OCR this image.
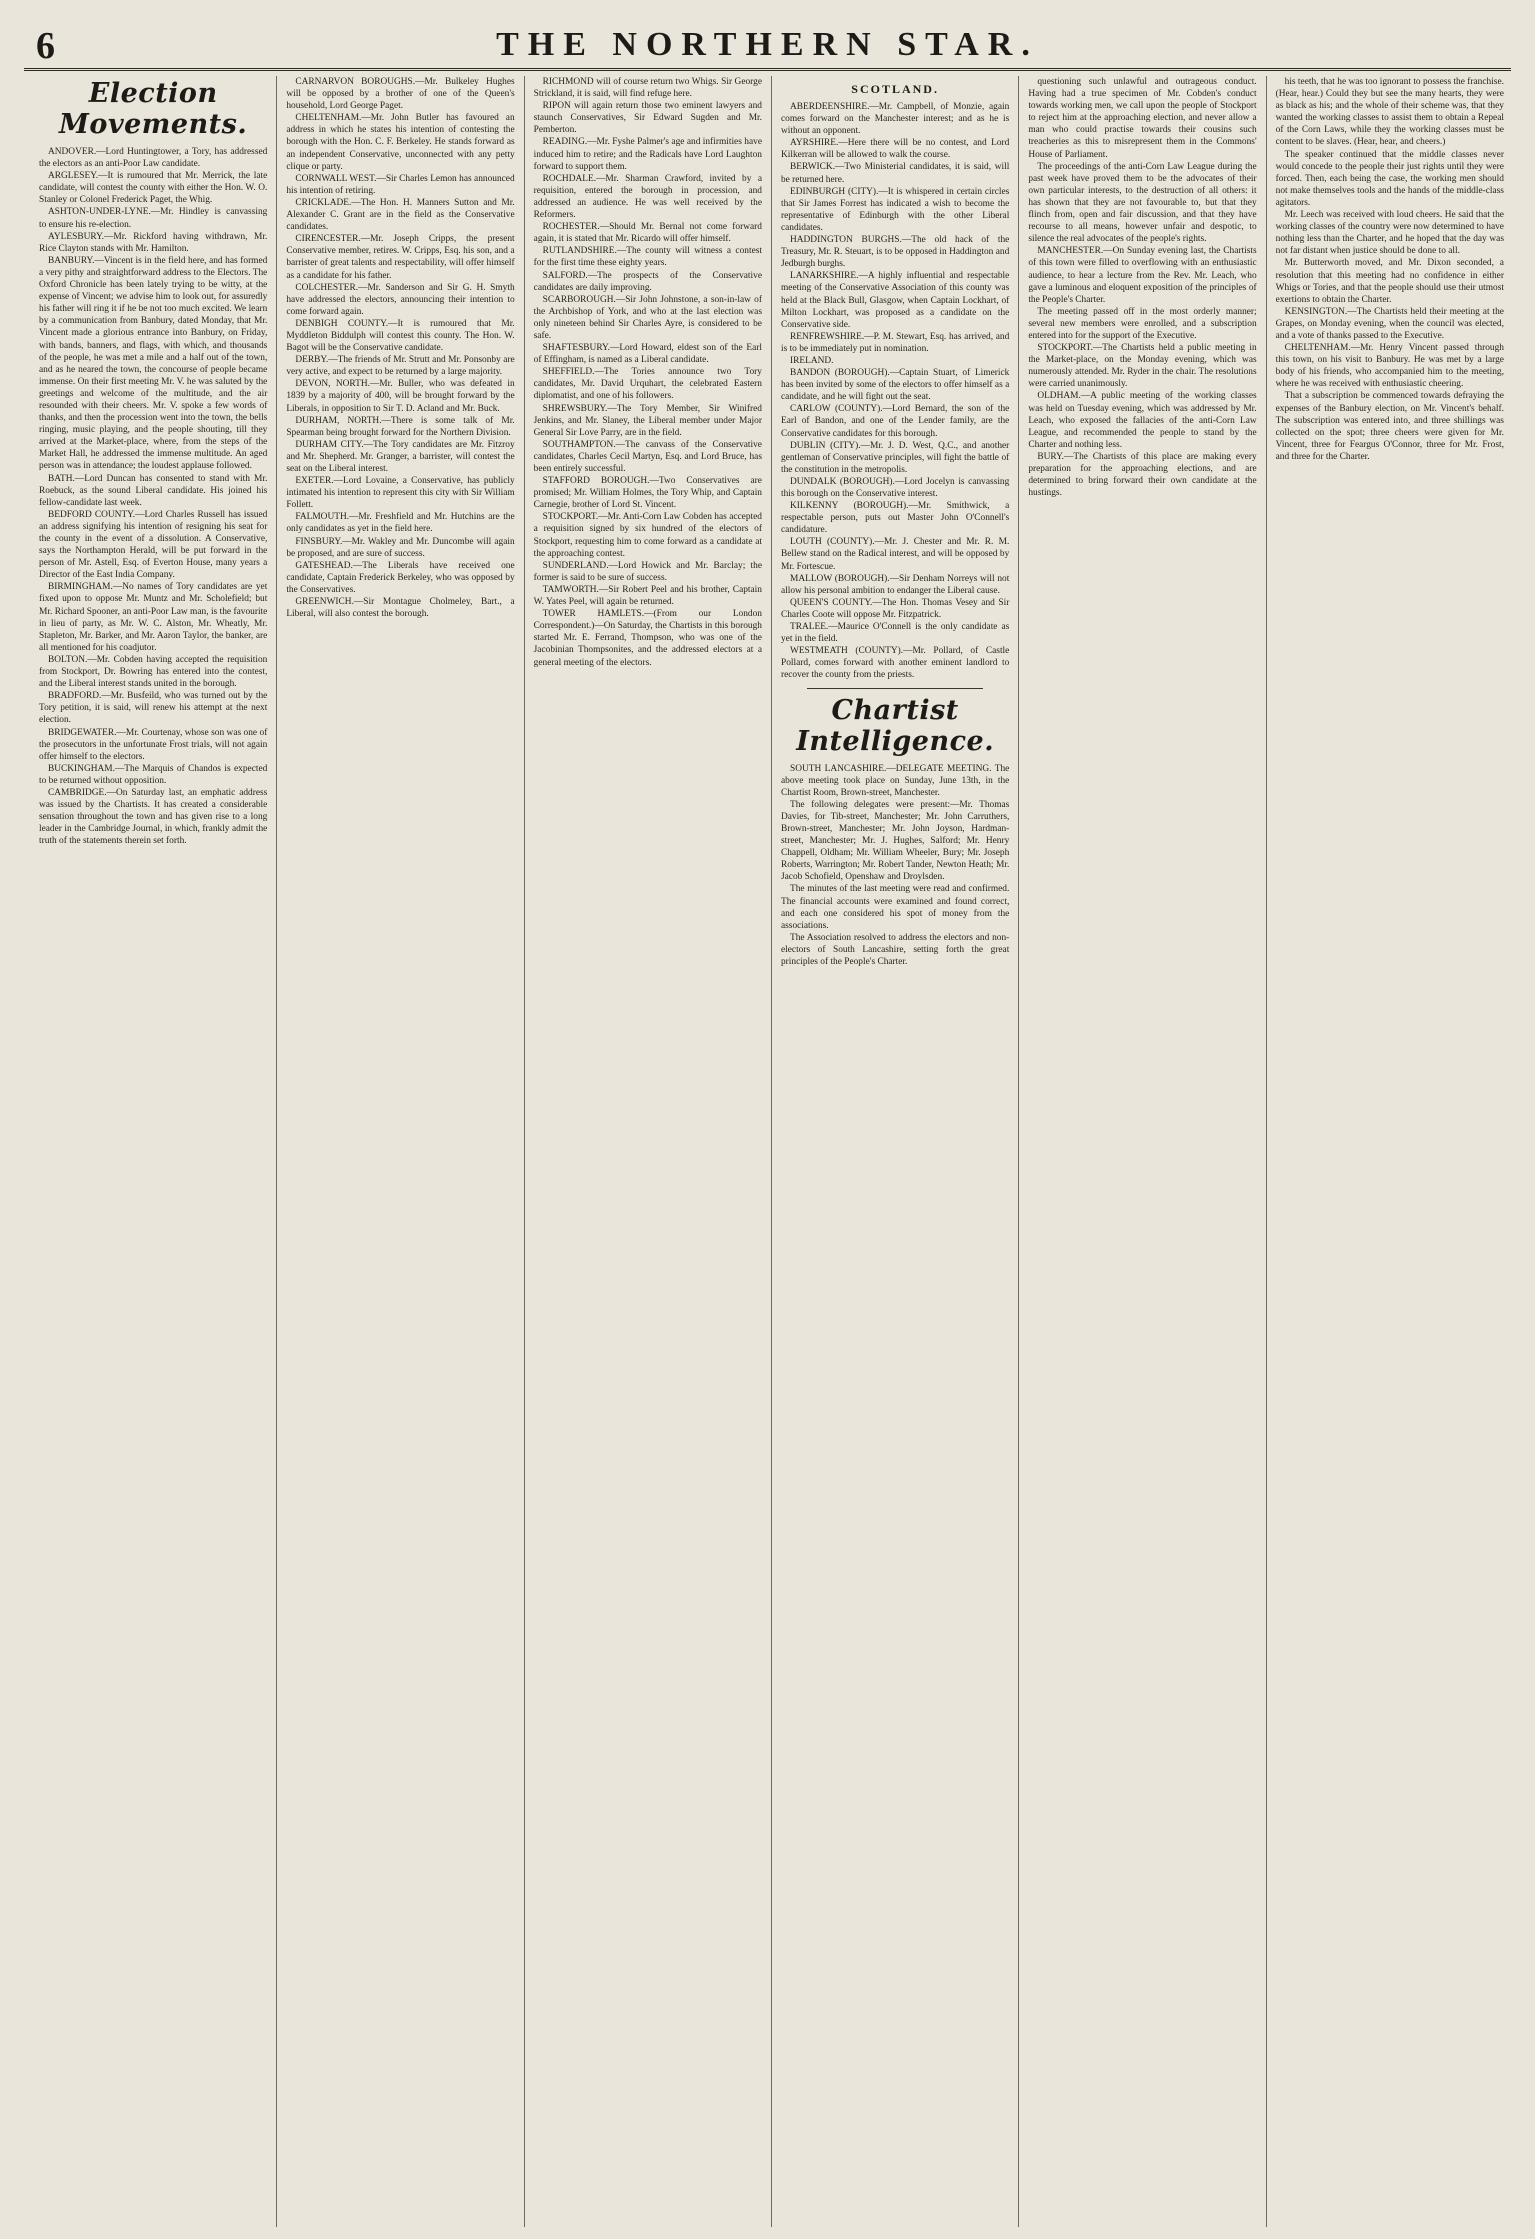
6	THE NORTHERN STAR.
Election Movements.

ANDOVER.—Lord Huntingtower, a Tory, has addressed the electors as an anti-Poor Law candidate.

ARGLESEY.—It is rumoured that Mr. Merrick, the late candidate, will contest the county with either the Hon. W. O. Stanley or Colonel Frederick Paget, the Whig.

ASHTON-UNDER-LYNE.—Mr. Hindley is canvassing to ensure his re-election.

AYLESBURY.—Mr. Rickford having withdrawn, Mr. Rice Clayton stands with Mr. Hamilton.

BANBURY.—Vincent is in the field here, and has formed a very pithy and straightforward address to the Electors. The Oxford Chronicle has been lately trying to be witty, at the expense of Vincent; we advise him to look out, for assuredly his father will ring it if he be not too much excited. We learn by a communication from Banbury, dated Monday, that Mr. Vincent made a glorious entrance into Banbury, on Friday, with bands, banners, and flags, with which, and thousands of the people, he was met a mile and a half out of the town, and as he neared the town, the concourse of people became immense. On their first meeting Mr. V. he was saluted by the greetings and welcome of the multitude, and the air resounded with their cheers. Mr. V. spoke a few words of thanks, and then the procession went into the town, the bells ringing, music playing, and the people shouting, till they arrived at the Market-place, where, from the steps of the Market Hall, he addressed the immense multitude. An aged person was in attendance; the loudest applause followed.

BATH.—Lord Duncan has consented to stand with Mr. Roebuck, as the sound Liberal candidate. His joined his fellow-candidate last week.

BEDFORD COUNTY.—Lord Charles Russell has issued an address signifying his intention of resigning his seat for the county in the event of a dissolution. A Conservative, says the Northampton Herald, will be put forward in the person of Mr. Astell, Esq. of Everton House, many years a Director of the East India Company.

BIRMINGHAM.—No names of Tory candidates are yet fixed upon to oppose Mr. Muntz and Mr. Scholefield; but Mr. Richard Spooner, an anti-Poor Law man, is the favourite in lieu of party, as Mr. W. C. Alston, Mr. Wheatly, Mr. Stapleton, Mr. Barker, and Mr. Aaron Taylor, the banker, are all mentioned for his coadjutor.

BOLTON.—Mr. Cobden having accepted the requisition from Stockport, Dr. Bowring has entered into the contest, and the Liberal interest stands united in the borough.

BRADFORD.—Mr. Busfeild, who was turned out by the Tory petition, it is said, will renew his attempt at the next election.

BRIDGEWATER.—Mr. Courtenay, whose son was one of the prosecutors in the unfortunate Frost trials, will not again offer himself to the electors.

BUCKINGHAM.—The Marquis of Chandos is expected to be returned without opposition.

CAMBRIDGE.—On Saturday last, an emphatic address was issued by the Chartists. It has created a considerable sensation throughout the town and has given rise to a long leader in the Cambridge Journal, in which, frankly admit the truth of the statements therein set forth.

CARNARVON BOROUGHS.—Mr. Bulkeley Hughes will be opposed by a brother of one of the Queen's household, Lord George Paget.

CHELTENHAM.—Mr. John Butler has favoured an address in which he states his intention of contesting the borough with the Hon. C. F. Berkeley. He stands forward as an independent Conservative, unconnected with any petty clique or party.

CORNWALL WEST.—Sir Charles Lemon has announced his intention of retiring.

CRICKLADE.—The Hon. H. Manners Sutton and Mr. Alexander C. Grant are in the field as the Conservative candidates.

CIRENCESTER.—Mr. Joseph Cripps, the present Conservative member, retires. W. Cripps, Esq. his son, and a barrister of great talents and respectability, will offer himself as a candidate for his father.

COLCHESTER.—Mr. Sanderson and Sir G. H. Smyth have addressed the electors, announcing their intention to come forward again.

DENBIGH COUNTY.—It is rumoured that Mr. Myddleton Biddulph will contest this county. The Hon. W. Bagot will be the Conservative candidate.

DERBY.—The friends of Mr. Strutt and Mr. Ponsonby are very active, and expect to be returned by a large majority.

DEVON, NORTH.—Mr. Buller, who was defeated in 1839 by a majority of 400, will be brought forward by the Liberals, in opposition to Sir T. D. Acland and Mr. Buck.

DURHAM, NORTH.—There is some talk of Mr. Spearman being brought forward for the Northern Division.

DURHAM CITY.—The Tory candidates are Mr. Fitzroy and Mr. Shepherd. Mr. Granger, a barrister, will contest the seat on the Liberal interest.

EXETER.—Lord Lovaine, a Conservative, has publicly intimated his intention to represent this city with Sir William Follett.

FALMOUTH.—Mr. Freshfield and Mr. Hutchins are the only candidates as yet in the field here.

FINSBURY.—Mr. Wakley and Mr. Duncombe will again be proposed, and are sure of success.

GATESHEAD.—The Liberals have received one candidate, Captain Frederick Berkeley, who was opposed by the Conservatives.

GREENWICH.—Sir Montague Cholmeley, Bart., a Liberal, will also contest the borough.

RICHMOND will of course return two Whigs. Sir George Strickland, it is said, will find refuge here.

RIPON will again return those two eminent lawyers and staunch Conservatives, Sir Edward Sugden and Mr. Pemberton.

READING.—Mr. Fyshe Palmer's age and infirmities have induced him to retire; and the Radicals have Lord Laughton forward to support them.

ROCHDALE.—Mr. Sharman Crawford, invited by a requisition, entered the borough in procession, and addressed an audience. He was well received by the Reformers.

ROCHESTER.—Should Mr. Bernal not come forward again, it is stated that Mr. Ricardo will offer himself.

RUTLANDSHIRE.—The county will witness a contest for the first time these eighty years.

SALFORD.—The prospects of the Conservative candidates are daily improving.

SCARBOROUGH.—Sir John Johnstone, a son-in-law of the Archbishop of York, and who at the last election was only nineteen behind Sir Charles Ayre, is considered to be safe.

SHAFTESBURY.—Lord Howard, eldest son of the Earl of Effingham, is named as a Liberal candidate.

SHEFFIELD.—The Tories announce two Tory candidates, Mr. David Urquhart, the celebrated Eastern diplomatist, and one of his followers.

SHREWSBURY.—The Tory Member, Sir Winifred Jenkins, and Mr. Slaney, the Liberal member under Major General Sir Love Parry, are in the field.

SOUTHAMPTON.—The canvass of the Conservative candidates, Charles Cecil Martyn, Esq. and Lord Bruce, has been entirely successful.

STAFFORD BOROUGH.—Two Conservatives are promised; Mr. William Holmes, the Tory Whip, and Captain Carnegie, brother of Lord St. Vincent.

STOCKPORT.—Mr. Anti-Corn Law Cobden has accepted a requisition signed by six hundred of the electors of Stockport, requesting him to come forward as a candidate at the approaching contest.

SUNDERLAND.—Lord Howick and Mr. Barclay; the former is said to be sure of success.

TAMWORTH.—Sir Robert Peel and his brother, Captain W. Yates Peel, will again be returned.

TOWER HAMLETS.—(From our London Correspondent.)—On Saturday, the Chartists in this borough started Mr. E. Ferrand, Thompson, who was one of the Jacobinian Thompsonites, and the addressed electors at a general meeting of the electors.

SCOTLAND.

ABERDEENSHIRE.—Mr. Campbell, of Monzie, again comes forward on the Manchester interest; and as he is without an opponent.

AYRSHIRE.—Here there will be no contest, and Lord Kilkerran will be allowed to walk the course.

BERWICK.—Two Ministerial candidates, it is said, will be returned here.

EDINBURGH (CITY).—It is whispered in certain circles that Sir James Forrest has indicated a wish to become the representative of Edinburgh with the other Liberal candidates.

HADDINGTON BURGHS.—The old hack of the Treasury, Mr. R. Steuart, is to be opposed in Haddington and Jedburgh burghs.

LANARKSHIRE.—A highly influential and respectable meeting of the Conservative Association of this county was held at the Black Bull, Glasgow, when Captain Lockhart, of Milton Lockhart, was proposed as a candidate on the Conservative side.

RENFREWSHIRE.—P. M. Stewart, Esq. has arrived, and is to be immediately put in nomination.

IRELAND.

BANDON (BOROUGH).—Captain Stuart, of Limerick has been invited by some of the electors to offer himself as a candidate, and he will fight out the seat.

CARLOW (COUNTY).—Lord Bernard, the son of the Earl of Bandon, and one of the Lender family, are the Conservative candidates for this borough.

DUBLIN (CITY).—Mr. J. D. West, Q.C., and another gentleman of Conservative principles, will fight the battle of the constitution in the metropolis.

DUNDALK (BOROUGH).—Lord Jocelyn is canvassing this borough on the Conservative interest.

KILKENNY (BOROUGH).—Mr. Smithwick, a respectable person, puts out Master John O'Connell's candidature.

LOUTH (COUNTY).—Mr. J. Chester and Mr. R. M. Bellew stand on the Radical interest, and will be opposed by Mr. Fortescue.

MALLOW (BOROUGH).—Sir Denham Norreys will not allow his personal ambition to endanger the Liberal cause.

QUEEN'S COUNTY.—The Hon. Thomas Vesey and Sir Charles Coote will oppose Mr. Fitzpatrick.

TRALEE.—Maurice O'Connell is the only candidate as yet in the field.

WESTMEATH (COUNTY).—Mr. Pollard, of Castle Pollard, comes forward with another eminent landlord to recover the county from the priests.

Chartist Intelligence.

SOUTH LANCASHIRE.—DELEGATE MEETING. The above meeting took place on Sunday, June 13th, in the Chartist Room, Brown-street, Manchester.

The following delegates were present:—Mr. Thomas Davies, for Tib-street, Manchester; Mr. John Carruthers, Brown-street, Manchester; Mr. John Joyson, Hardman-street, Manchester; Mr. J. Hughes, Salford; Mr. Henry Chappell, Oldham; Mr. William Wheeler, Bury; Mr. Joseph Roberts, Warrington; Mr. Robert Tander, Newton Heath; Mr. Jacob Schofield, Openshaw and Droylsden.

The minutes of the last meeting were read and confirmed. The financial accounts were examined and found correct, and each one considered his spot of money from the associations.

The Association resolved to address the electors and non-electors of South Lancashire, setting forth the great principles of the People's Charter.

questioning such unlawful and outrageous conduct. Having had a true specimen of Mr. Cobden's conduct towards working men, we call upon the people of Stockport to reject him at the approaching election, and never allow a man who could practise towards their cousins such treacheries as this to misrepresent them in the Commons' House of Parliament.

The proceedings of the anti-Corn Law League during the past week have proved them to be the advocates of their own particular interests, to the destruction of all others: it has shown that they are not favourable to, but that they flinch from, open and fair discussion, and that they have recourse to all means, however unfair and despotic, to silence the real advocates of the people's rights.

MANCHESTER.—On Sunday evening last, the Chartists of this town were filled to overflowing with an enthusiastic audience, to hear a lecture from the Rev. Mr. Leach, who gave a luminous and eloquent exposition of the principles of the People's Charter.

The meeting passed off in the most orderly manner; several new members were enrolled, and a subscription entered into for the support of the Executive.

STOCKPORT.—The Chartists held a public meeting in the Market-place, on the Monday evening, which was numerously attended. Mr. Ryder in the chair. The resolutions were carried unanimously.

OLDHAM.—A public meeting of the working classes was held on Tuesday evening, which was addressed by Mr. Leach, who exposed the fallacies of the anti-Corn Law League, and recommended the people to stand by the Charter and nothing less.

BURY.—The Chartists of this place are making every preparation for the approaching elections, and are determined to bring forward their own candidate at the hustings.

his teeth, that he was too ignorant to possess the franchise. (Hear, hear.) Could they but see the many hearts, they were as black as his; and the whole of their scheme was, that they wanted the working classes to assist them to obtain a Repeal of the Corn Laws, while they the working classes must be content to be slaves. (Hear, hear, and cheers.)

The speaker continued that the middle classes never would concede to the people their just rights until they were forced. Then, each being the case, the working men should not make themselves tools and the hands of the middle-class agitators.

Mr. Leech was received with loud cheers. He said that the working classes of the country were now determined to have nothing less than the Charter, and he hoped that the day was not far distant when justice should be done to all.

Mr. Butterworth moved, and Mr. Dixon seconded, a resolution that this meeting had no confidence in either Whigs or Tories, and that the people should use their utmost exertions to obtain the Charter.

KENSINGTON.—The Chartists held their meeting at the Grapes, on Monday evening, when the council was elected, and a vote of thanks passed to the Executive.

CHELTENHAM.—Mr. Henry Vincent passed through this town, on his visit to Banbury. He was met by a large body of his friends, who accompanied him to the meeting, where he was received with enthusiastic cheering.

That a subscription be commenced towards defraying the expenses of the Banbury election, on Mr. Vincent's behalf. The subscription was entered into, and three shillings was collected on the spot; three cheers were given for Mr. Vincent, three for Feargus O'Connor, three for Mr. Frost, and three for the Charter.
